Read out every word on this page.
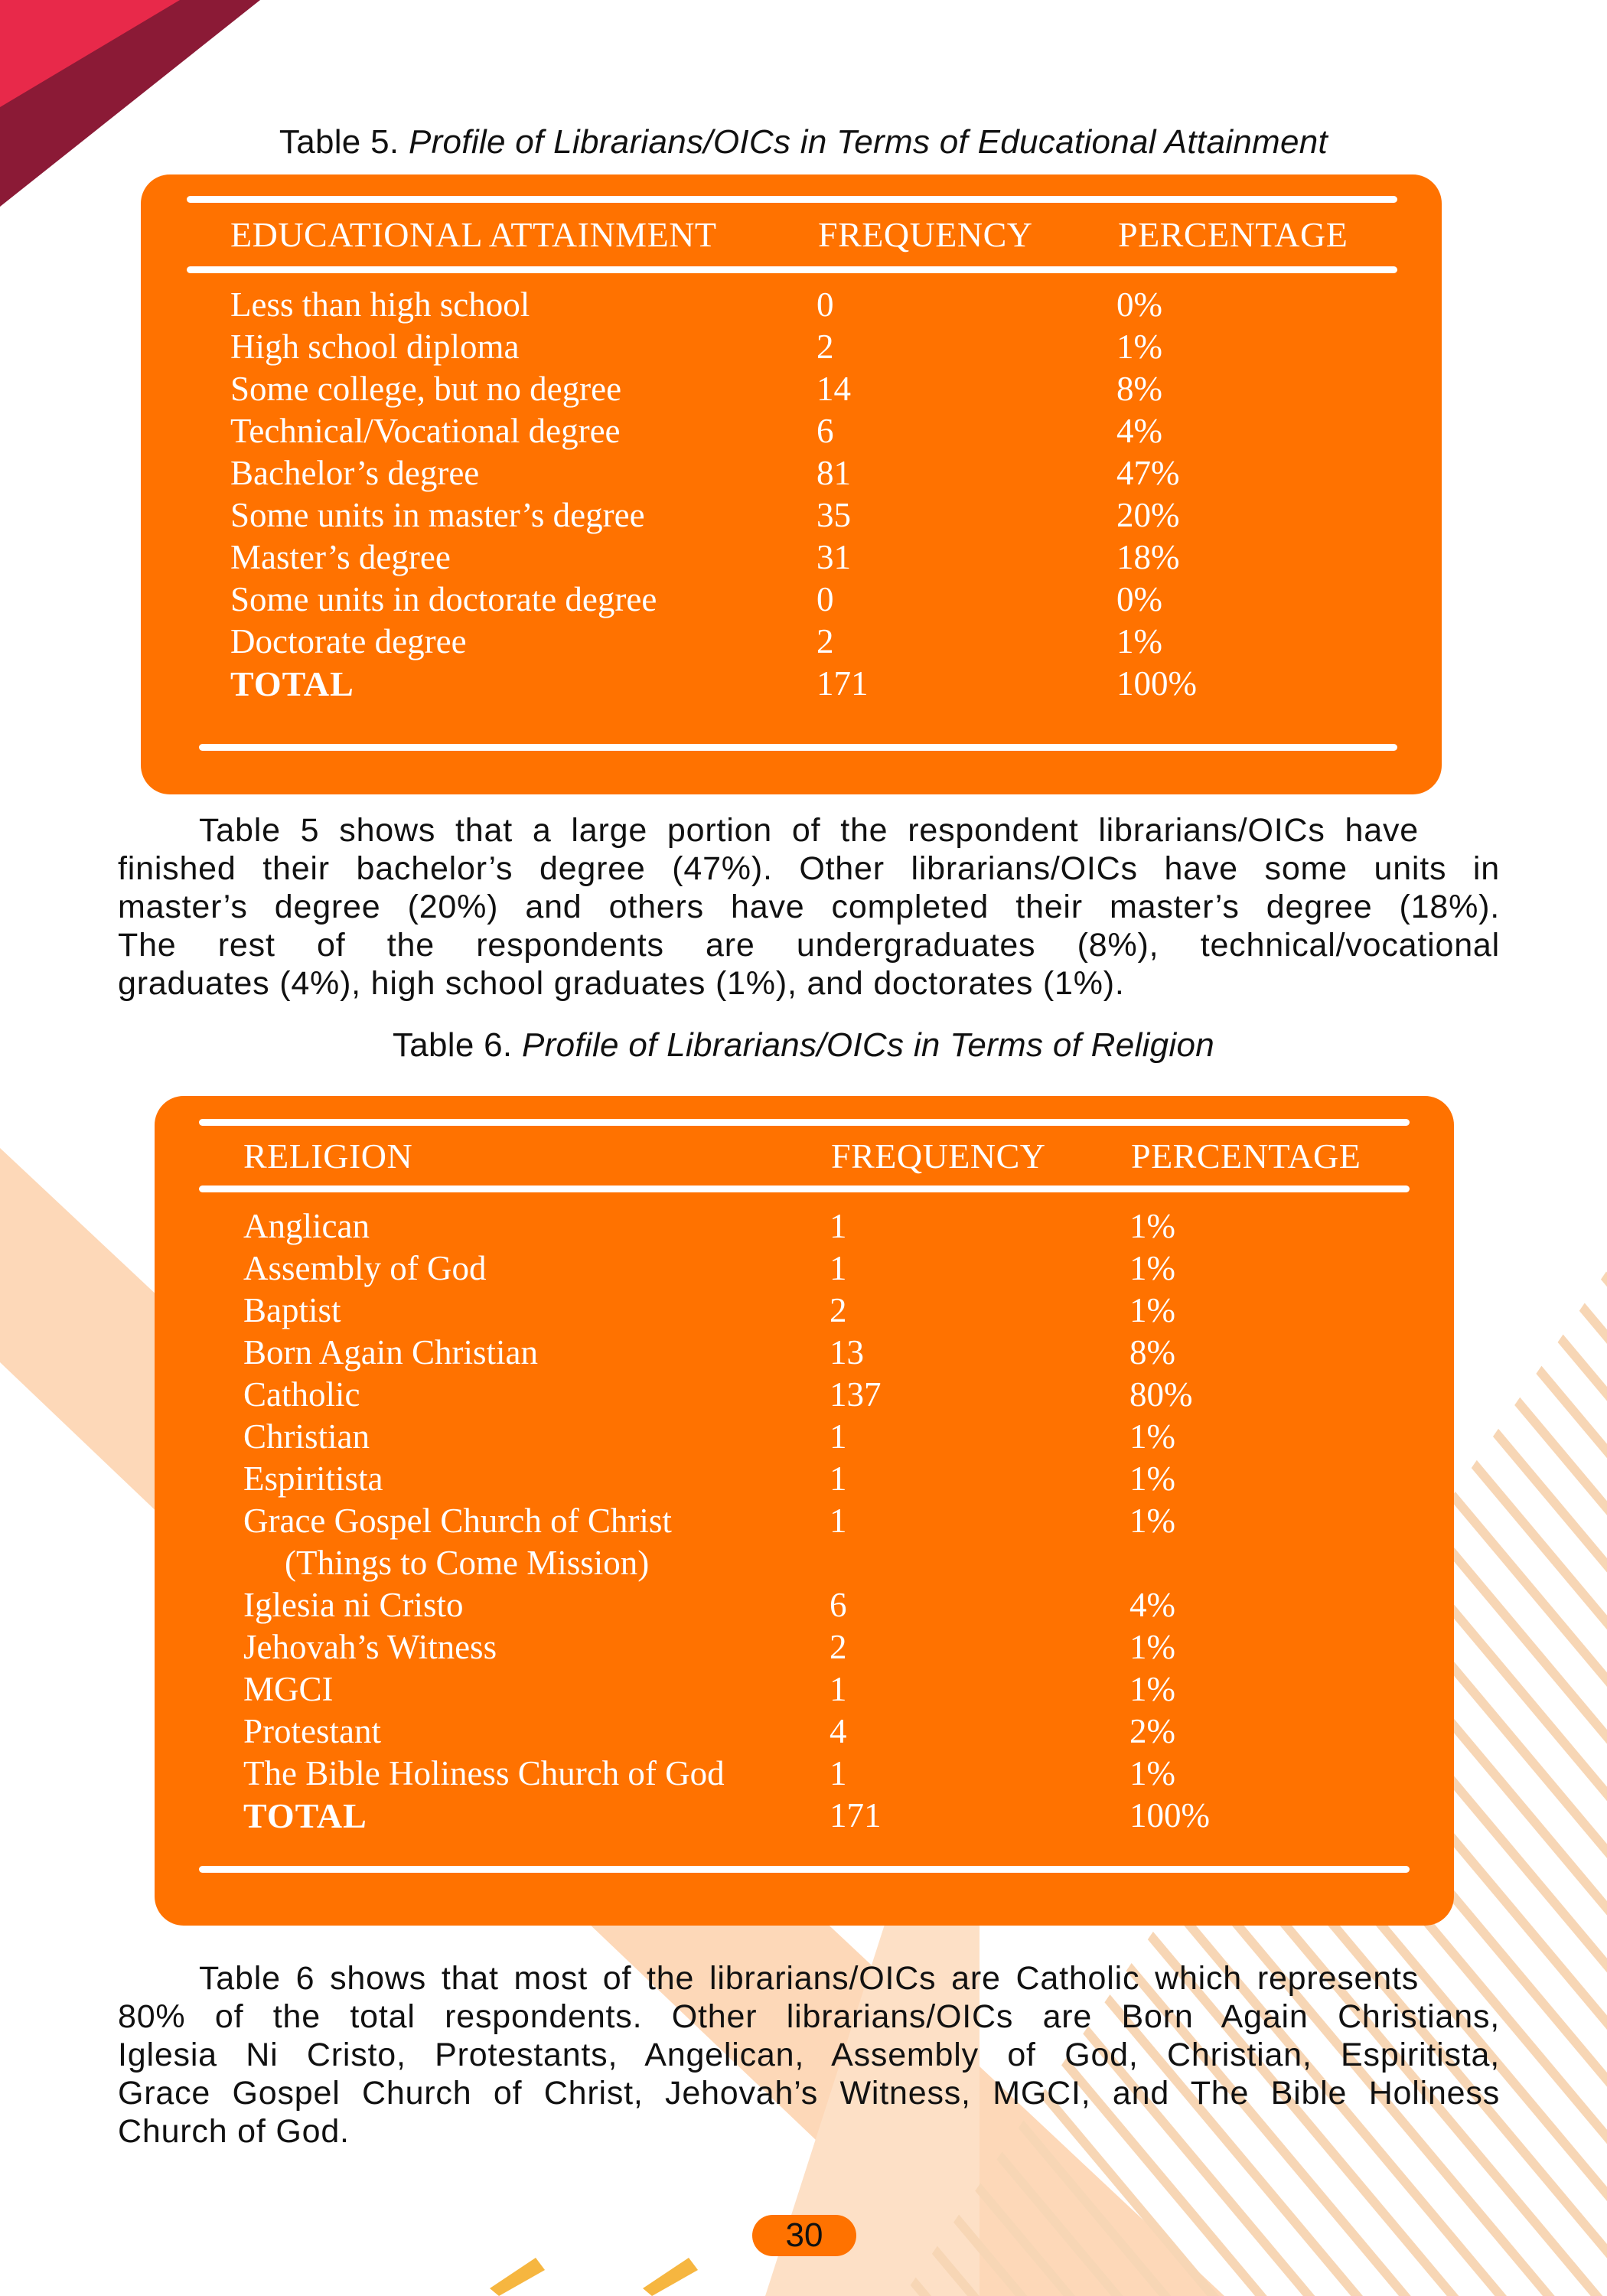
Table 5. Profile of Librarians/OICs in Terms of Educational Attainment
EDUCATIONAL ATTAINMENT	FREQUENCY PERCENTAGE
Less than high school	0	0%
High school diploma	2	1%
Some college, but no degree	14	8%
Technical/Vocational degree	6	4%
Bachelor’s degree	81	47%
Some units in master’s degree	35	20%
Master’s degree	31	18%
Some units in doctorate degree	0	0%
Doctorate degree	2	1%
TOTAL	171	100%
Table 5 shows that a large portion of the respondent librarians/OICs have
finished their bachelor’s degree (47%). Other librarians/OICs have some units in
master’s degree (20%) and others have completed their master’s degree (18%).
The rest of the respondents are undergraduates (8%), technical/vocational
graduates (4%), high school graduates (1%), and doctorates (1%).
Table 6. Profile of Librarians/OICs in Terms of Religion
RELIGION	FREQUENCY PERCENTAGE
Anglican	1	1%
Assembly of God	1	1%
Baptist	2	1%
Born Again Christian	13	8%
Catholic	137	80%
Christian	1	1%
Espiritista	1	1%
Grace Gospel Church of Christ	1	1%
(Things to Come Mission)
Iglesia ni Cristo	6	4%
Jehovah’s Witness	2	1%
MGCI	1	1%
Protestant	4	2%
The Bible Holiness Church of God	1	1%
TOTAL	171	100%
Table 6 shows that most of the librarians/OICs are Catholic which represents
80% of the total respondents. Other librarians/OICs are Born Again Christians,
Iglesia Ni Cristo, Protestants, Angelican, Assembly of God, Christian, Espiritista,
Grace Gospel Church of Christ, Jehovah’s Witness, MGCI, and The Bible Holiness
Church of God.
30
